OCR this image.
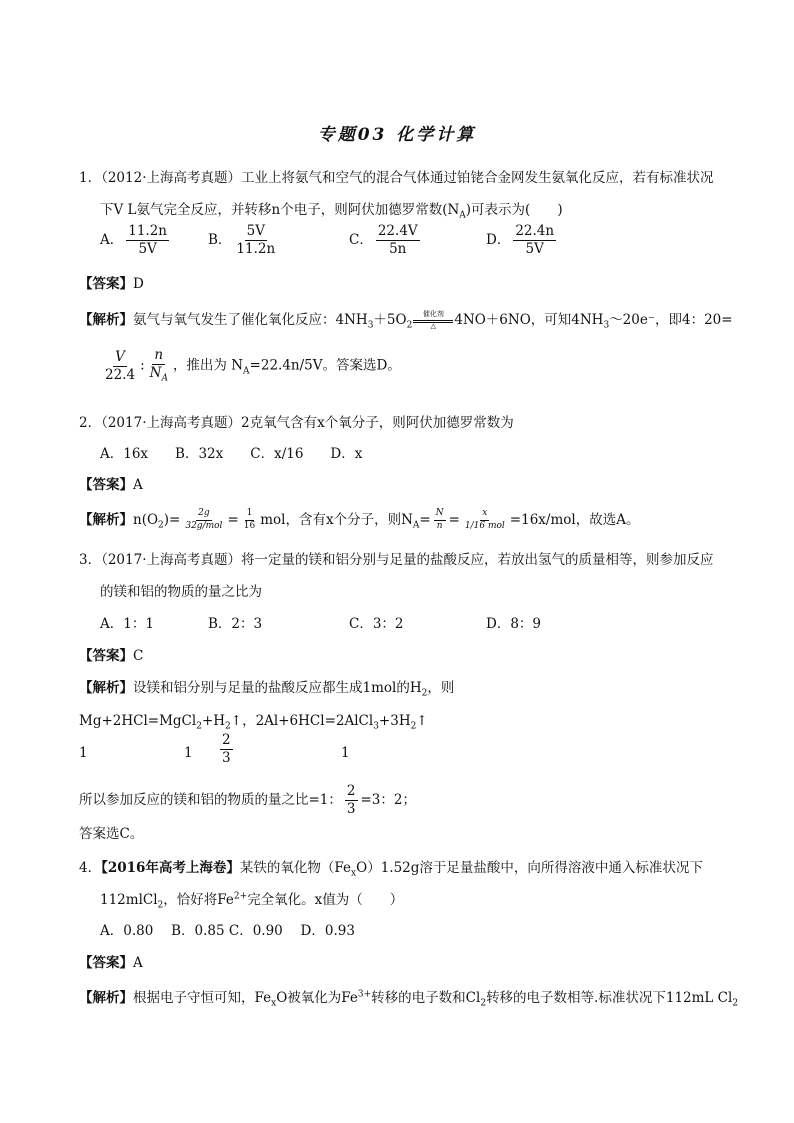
专题03 化学计算
1．（2012·上海高考真题）工业上将氨气和空气的混合气体通过铂铑合金网发生氨氧化反应，若有标准状况
下V L氨气完全反应，并转移n个电子，则阿伏加德罗常数$(N_A)$可表示为(　　)
A． $\frac{11.2n}{5V}$	B． $\frac{5V}{11.2n}$	C． $\frac{22.4V}{5n}$	D． $\frac{22.4n}{5V}$
【答案】D
【解析】氨气与氧气发生了催化氧化反应：$4NH_3+5O_2$
催化剂
△	4NO＋6NO，可知$4NH_3\sim 20e^-$，即4：20=
$\frac{V}{22.4}$ : $\frac{n}{N_A}$ ，推出为 $N_A=22.4n/5V$。答案选D。
2．（2017·上海高考真题）2克氧气含有x个氧分子，则阿伏加德罗常数为
A．16x　　B．32x　　C．x/16　　D．x
【答案】A
【解析】$n(O_2)= \frac{2g}{\text{32g/mol}} = \frac{1}{16}$ mol，含有x个分子，则$N_A= \frac{N}{n} = \frac{x}{\text{1/16 mol}} =16x/mol$，故选A。
3．（2017·上海高考真题）将一定量的镁和铝分别与足量的盐酸反应，若放出氢气的质量相等，则参加反应
的镁和铝的物质的量之比为
A．1：1	B．2：3	C．3：2	D．8：9
【答案】C
【解析】设镁和铝分别与足量的盐酸反应都生成1mol的$H_2$，则
$Mg+2HCl=MgCl_2+H_2↑$，$2Al+6HCl=2AlCl_3+3H_2↑$
1	$1 \frac{2}{3}$	1
所以参加反应的镁和铝的物质的量之比=1： $\frac{2}{3} =3$：2；
答案选C。
4．【2016年高考上海卷】某铁的氧化物$(Fe_xO)1.52g$溶于足量盐酸中，向所得溶液中通入标准状况下
112mlCl$_2$，恰好将$Fe^{2+}$完全氧化。x值为（　　）
A．0.80　 B．0.85 C．0.90　 D．0.93
【答案】A
【解析】根据电子守恒可知，$Fe_xO$被氧化为$Fe^{3+}$转移的电子数和$Cl_2$转移的电子数相等.标准状况下112mL $Cl_2$
